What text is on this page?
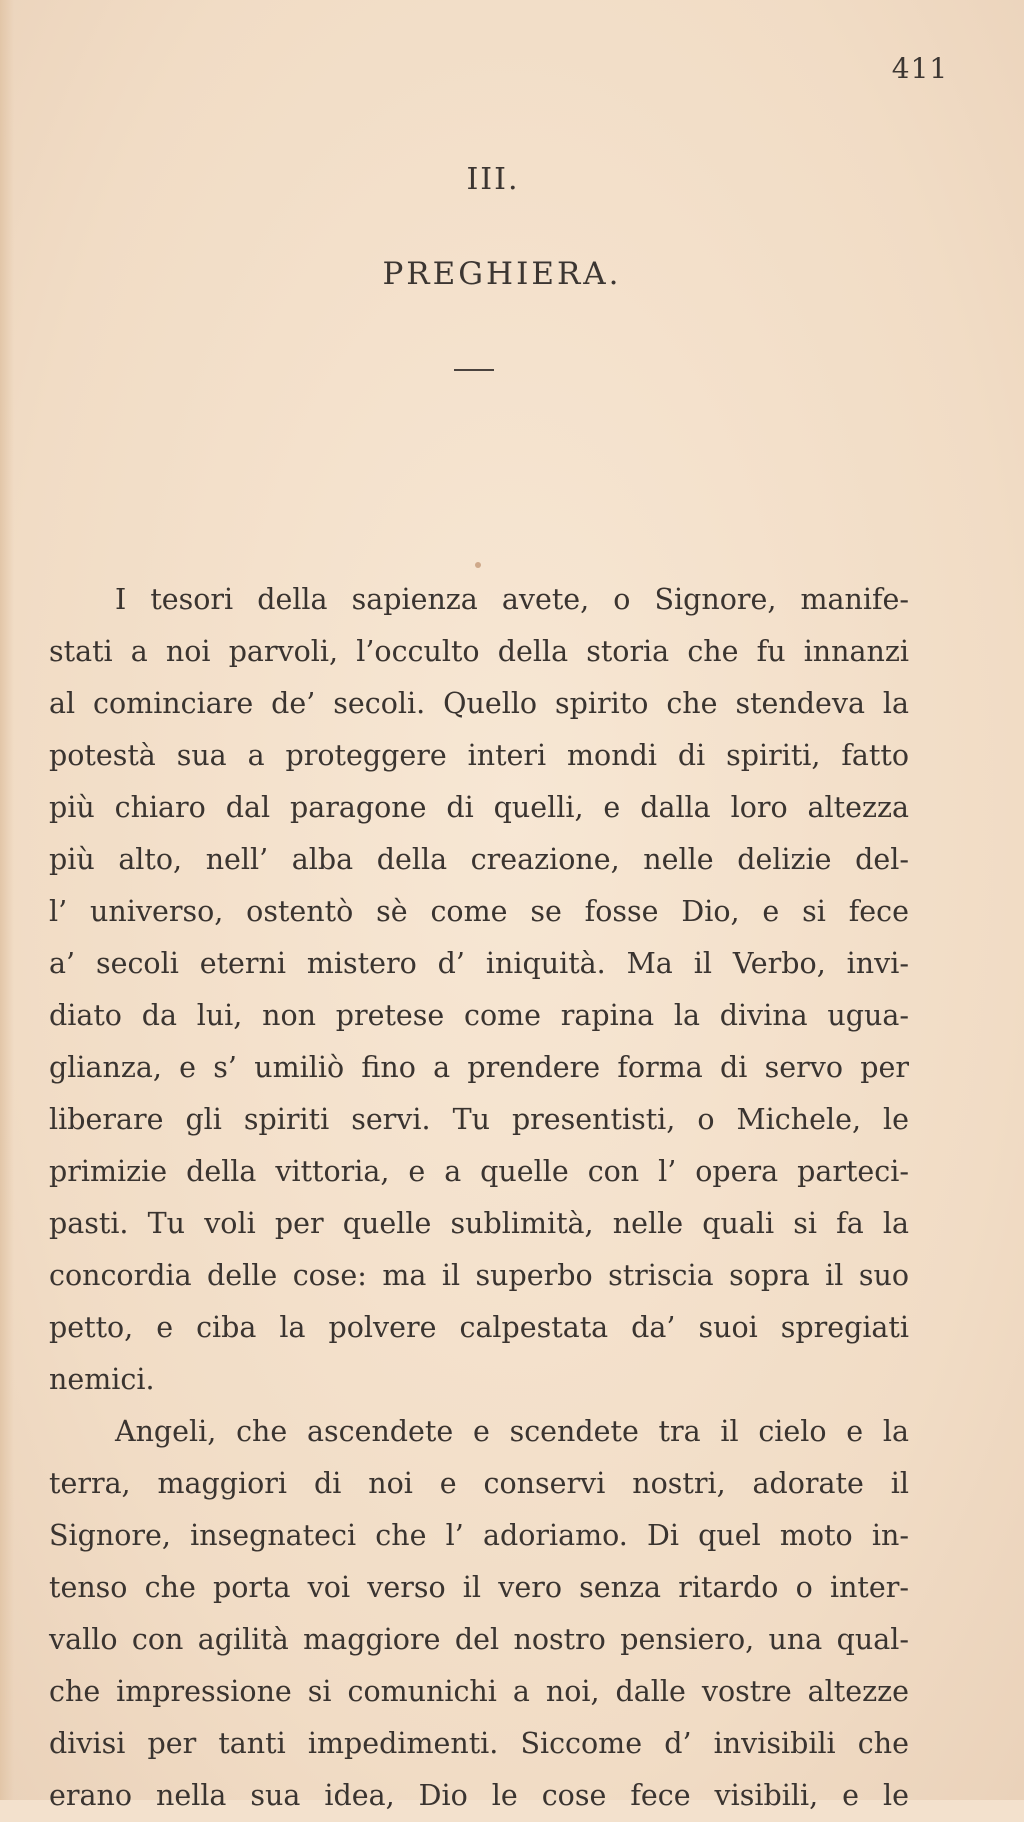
411
III.
PREGHIERA.
I tesori della sapienza avete, o Signore, manife-
stati a noi parvoli, l’occulto della storia che fu innanzi
al cominciare de’ secoli. Quello spirito che stendeva la
potestà sua a proteggere interi mondi di spiriti, fatto
più chiaro dal paragone di quelli, e dalla loro altezza
più alto, nell’ alba della creazione, nelle delizie del-
l’ universo, ostentò sè come se fosse Dio, e si fece
a’ secoli eterni mistero d’ iniquità. Ma il Verbo, invi-
diato da lui, non pretese come rapina la divina ugua-
glianza, e s’ umiliò fino a prendere forma di servo per
liberare gli spiriti servi. Tu presentisti, o Michele, le
primizie della vittoria, e a quelle con l’ opera parteci-
pasti. Tu voli per quelle sublimità, nelle quali si fa la
concordia delle cose: ma il superbo striscia sopra il suo
petto, e ciba la polvere calpestata da’ suoi spregiati
nemici.
Angeli, che ascendete e scendete tra il cielo e la
terra, maggiori di noi e conservi nostri, adorate il
Signore, insegnateci che l’ adoriamo. Di quel moto in-
tenso che porta voi verso il vero senza ritardo o inter-
vallo con agilità maggiore del nostro pensiero, una qual-
che impressione si comunichi a noi, dalle vostre altezze
divisi per tanti impedimenti. Siccome d’ invisibili che
erano nella sua idea, Dio le cose fece visibili, e le
